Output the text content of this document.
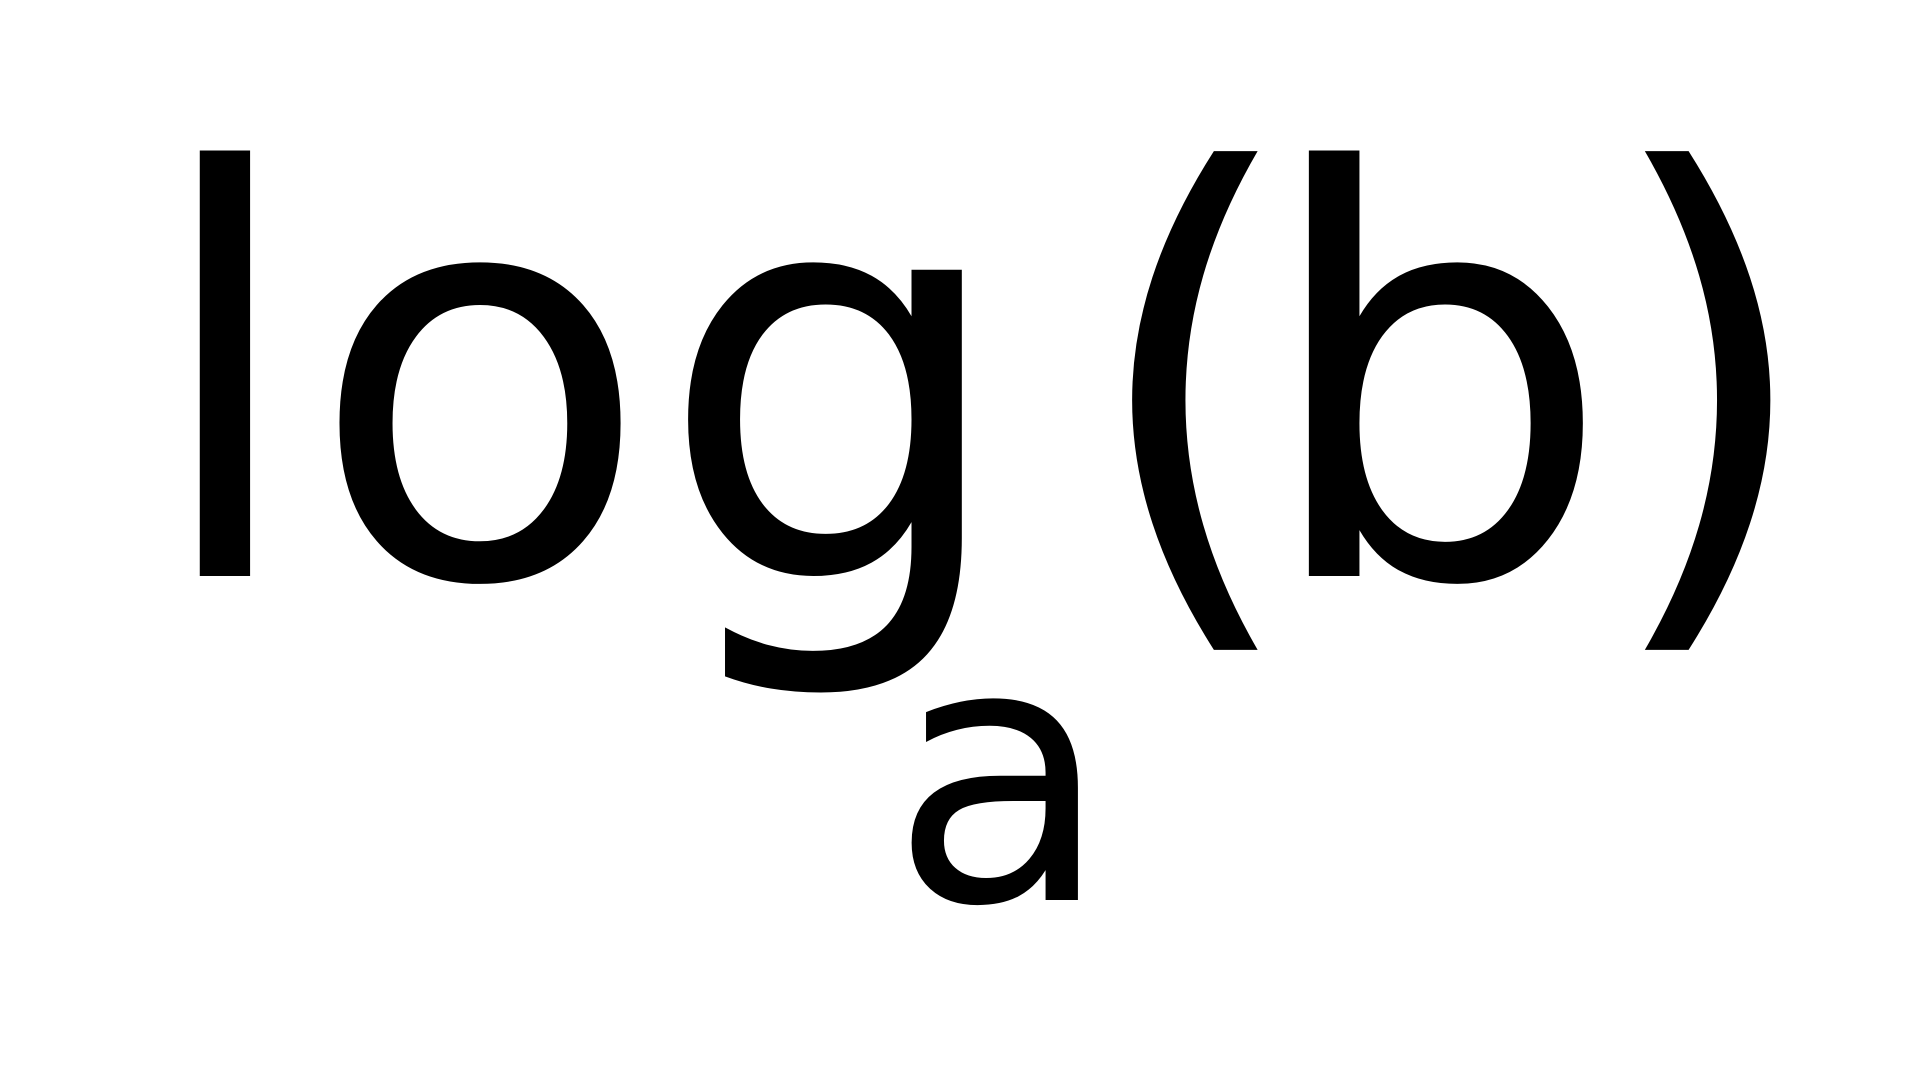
log
a
(
b
)
